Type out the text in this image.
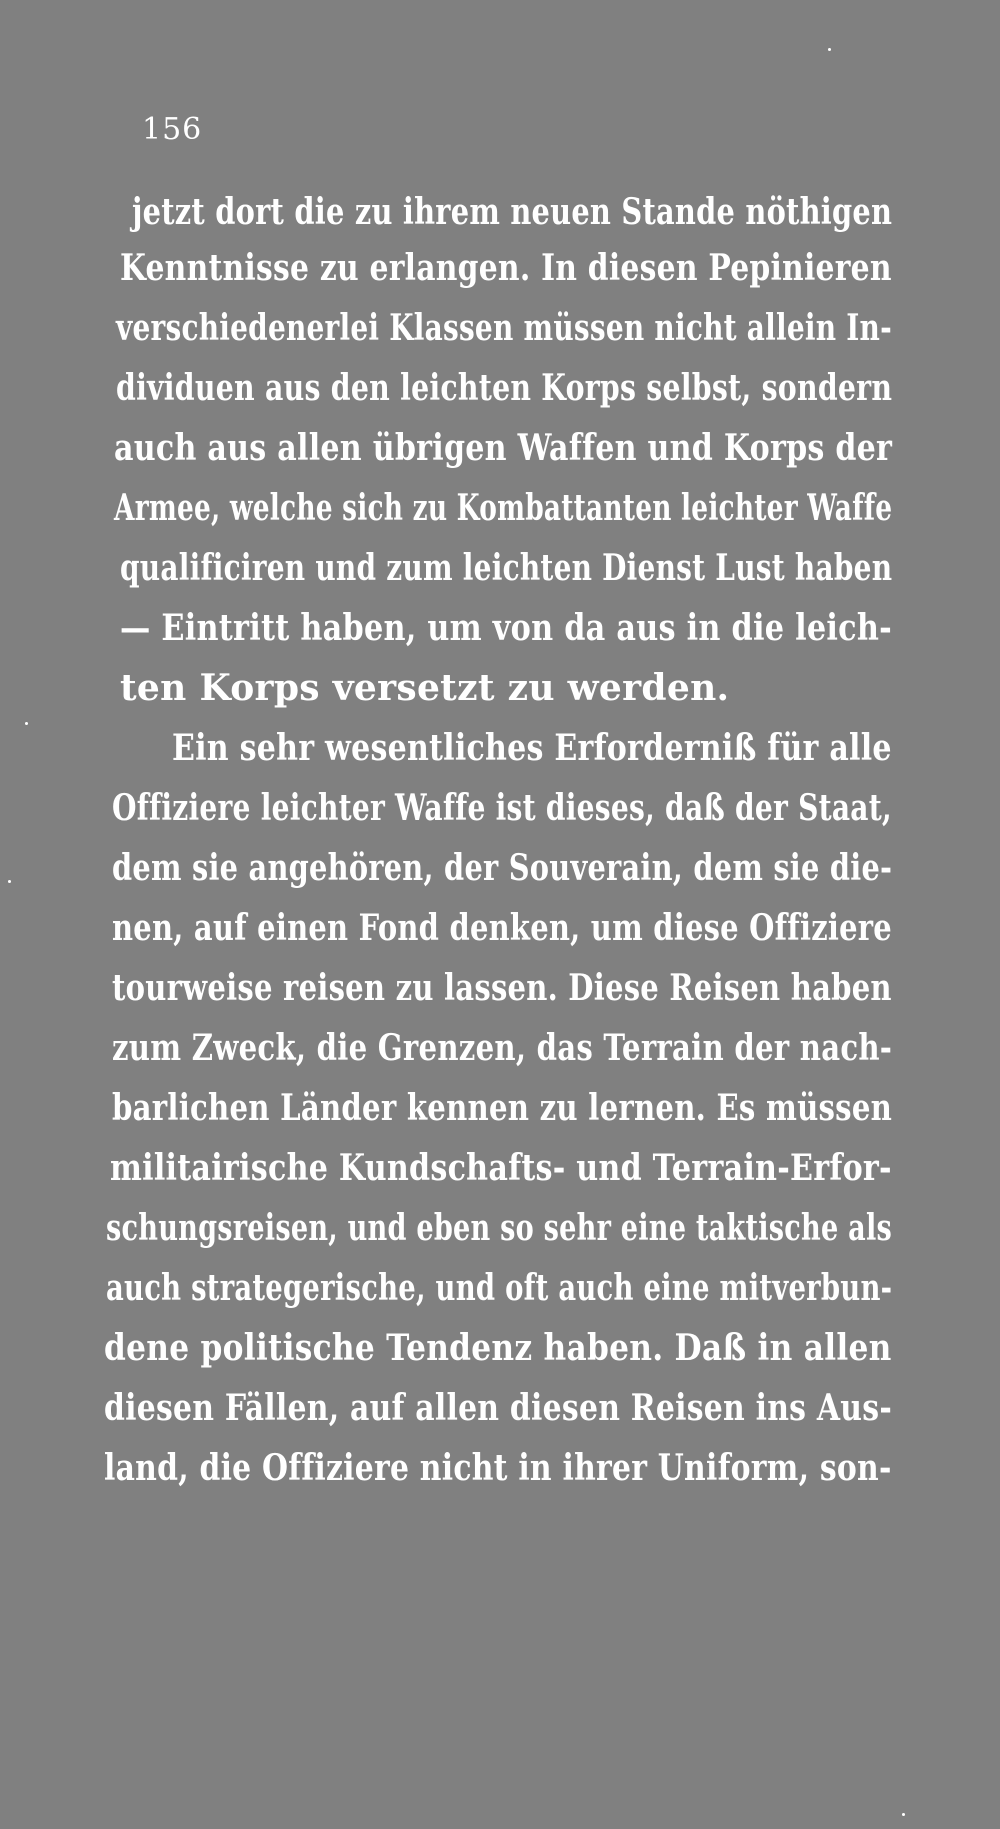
156
jetzt dort die zu ihrem neuen Stande nöthigen
Kenntnisse zu erlangen. In diesen Pepinieren
verschiedenerlei Klassen müssen nicht allein In-
dividuen aus den leichten Korps selbst, sondern
auch aus allen übrigen Waffen und Korps der
Armee, welche sich zu Kombattanten leichter Waffe
qualificiren und zum leichten Dienst Lust haben
— Eintritt haben, um von da aus in die leich-
ten Korps versetzt zu werden.
Ein sehr wesentliches Erforderniß für alle
Offiziere leichter Waffe ist dieses, daß der Staat,
dem sie angehören, der Souverain, dem sie die-
nen, auf einen Fond denken, um diese Offiziere
tourweise reisen zu lassen. Diese Reisen haben
zum Zweck, die Grenzen, das Terrain der nach-
barlichen Länder kennen zu lernen. Es müssen
militairische Kundschafts- und Terrain-Erfor-
schungsreisen, und eben so sehr eine taktische als
auch strategerische, und oft auch eine mitverbun-
dene politische Tendenz haben. Daß in allen
diesen Fällen, auf allen diesen Reisen ins Aus-
land, die Offiziere nicht in ihrer Uniform, son-
